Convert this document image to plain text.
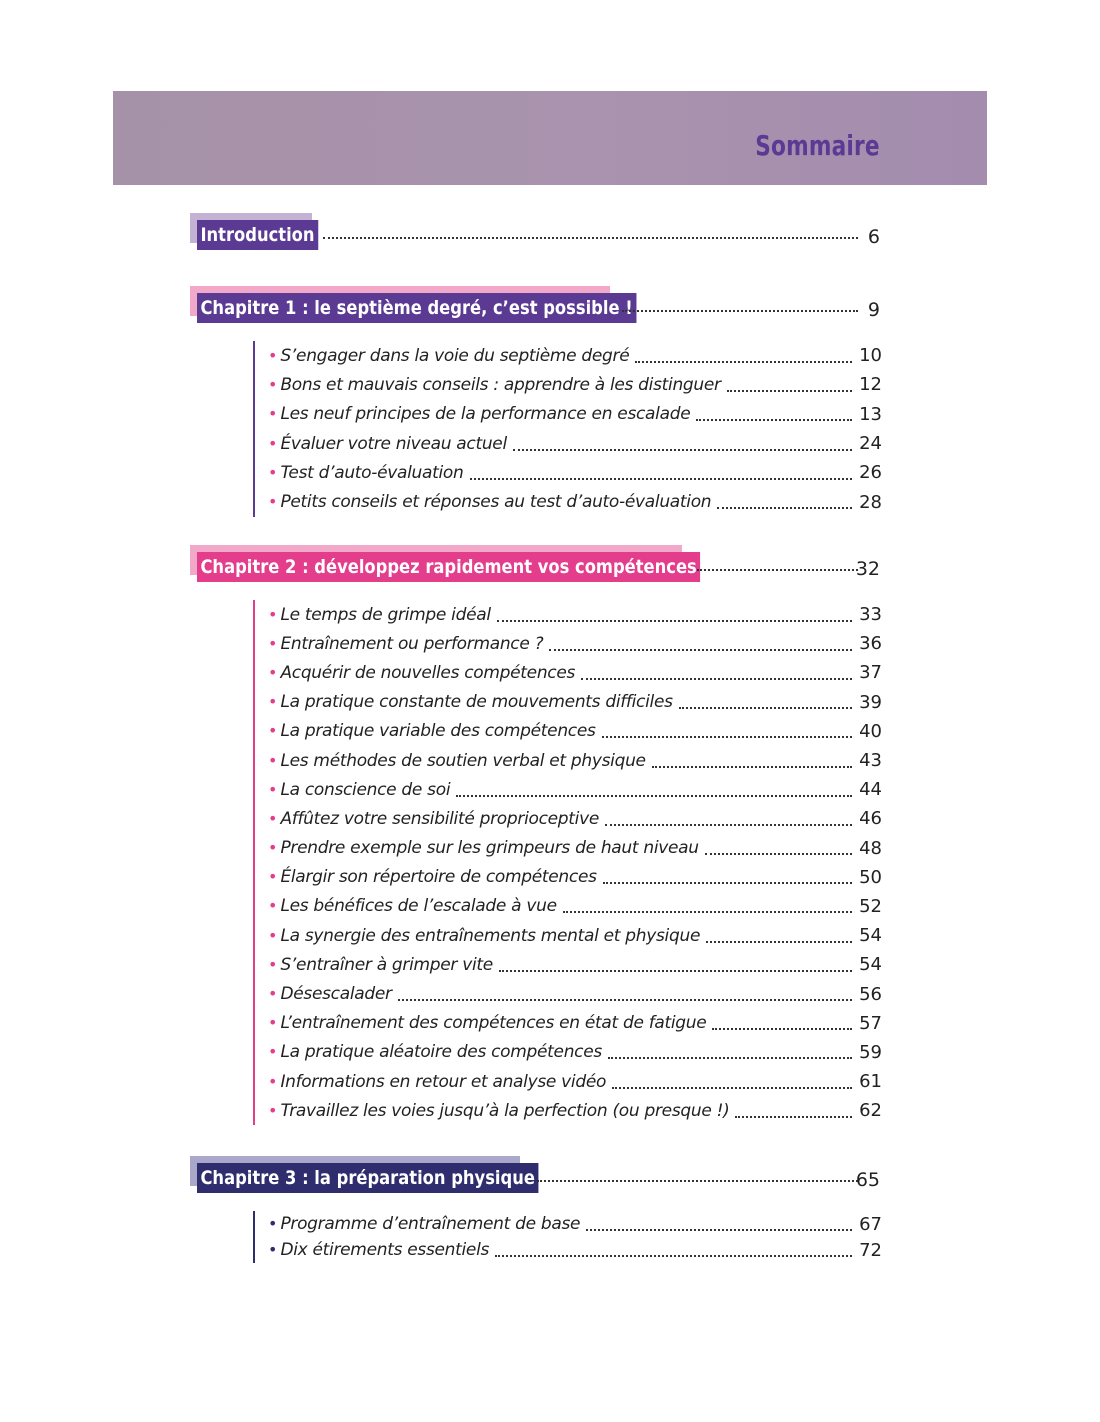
Sommaire
Introduction	6
Chapitre 1 : le septième degré, c’est possible !	9
• S’engager dans la voie du septième degré	10
• Bons et mauvais conseils : apprendre à les distinguer	12
• Les neuf principes de la performance en escalade	13
• Évaluer votre niveau actuel	24
• Test d’auto-évaluation	26
• Petits conseils et réponses au test d’auto-évaluation	28
Chapitre 2 : développez rapidement vos compétences	32
• Le temps de grimpe idéal	33
• Entraînement ou performance ?	36
• Acquérir de nouvelles compétences	37
• La pratique constante de mouvements difficiles	39
• La pratique variable des compétences	40
• Les méthodes de soutien verbal et physique	43
• La conscience de soi	44
• Affûtez votre sensibilité proprioceptive	46
• Prendre exemple sur les grimpeurs de haut niveau	48
• Élargir son répertoire de compétences	50
• Les bénéfices de l’escalade à vue	52
• La synergie des entraînements mental et physique	54
• S’entraîner à grimper vite	54
• Désescalader	56
• L’entraînement des compétences en état de fatigue	57
• La pratique aléatoire des compétences	59
• Informations en retour et analyse vidéo	61
• Travaillez les voies jusqu’à la perfection (ou presque !)	62
Chapitre 3 : la préparation physique	65
• Programme d’entraînement de base	67
• Dix étirements essentiels	72
